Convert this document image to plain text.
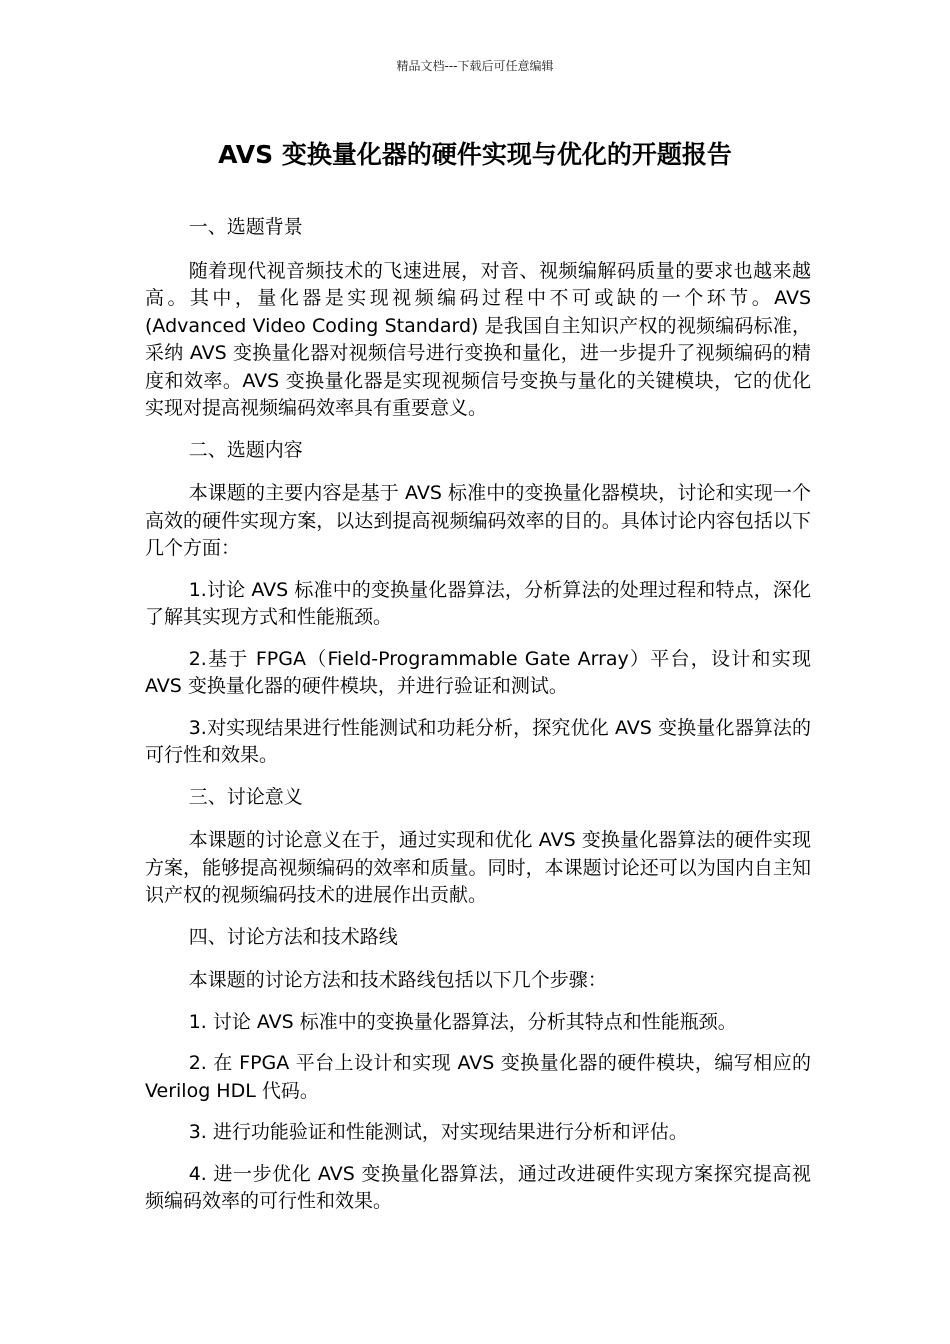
精品文档---下载后可任意编辑
AVS 变换量化器的硬件实现与优化的开题报告

一、选题背景

随着现代视音频技术的飞速进展，对音、视频编解码质量的要求也越来越高。其中，量化器是实现视频编码过程中不可或缺的一个环节。AVS (Advanced Video Coding Standard) 是我国自主知识产权的视频编码标准，采纳 AVS 变换量化器对视频信号进行变换和量化，进一步提升了视频编码的精度和效率。AVS 变换量化器是实现视频信号变换与量化的关键模块，它的优化实现对提高视频编码效率具有重要意义。

二、选题内容

本课题的主要内容是基于 AVS 标准中的变换量化器模块，讨论和实现一个高效的硬件实现方案，以达到提高视频编码效率的目的。具体讨论内容包括以下几个方面：

1.讨论 AVS 标准中的变换量化器算法，分析算法的处理过程和特点，深化了解其实现方式和性能瓶颈。

2.基于 FPGA（Field-Programmable Gate Array）平台，设计和实现 AVS 变换量化器的硬件模块，并进行验证和测试。

3.对实现结果进行性能测试和功耗分析，探究优化 AVS 变换量化器算法的可行性和效果。

三、讨论意义

本课题的讨论意义在于，通过实现和优化 AVS 变换量化器算法的硬件实现方案，能够提高视频编码的效率和质量。同时，本课题讨论还可以为国内自主知识产权的视频编码技术的进展作出贡献。

四、讨论方法和技术路线

本课题的讨论方法和技术路线包括以下几个步骤：

1. 讨论 AVS 标准中的变换量化器算法，分析其特点和性能瓶颈。

2. 在 FPGA 平台上设计和实现 AVS 变换量化器的硬件模块，编写相应的 Verilog HDL 代码。

3. 进行功能验证和性能测试，对实现结果进行分析和评估。

4. 进一步优化 AVS 变换量化器算法，通过改进硬件实现方案探究提高视频编码效率的可行性和效果。
